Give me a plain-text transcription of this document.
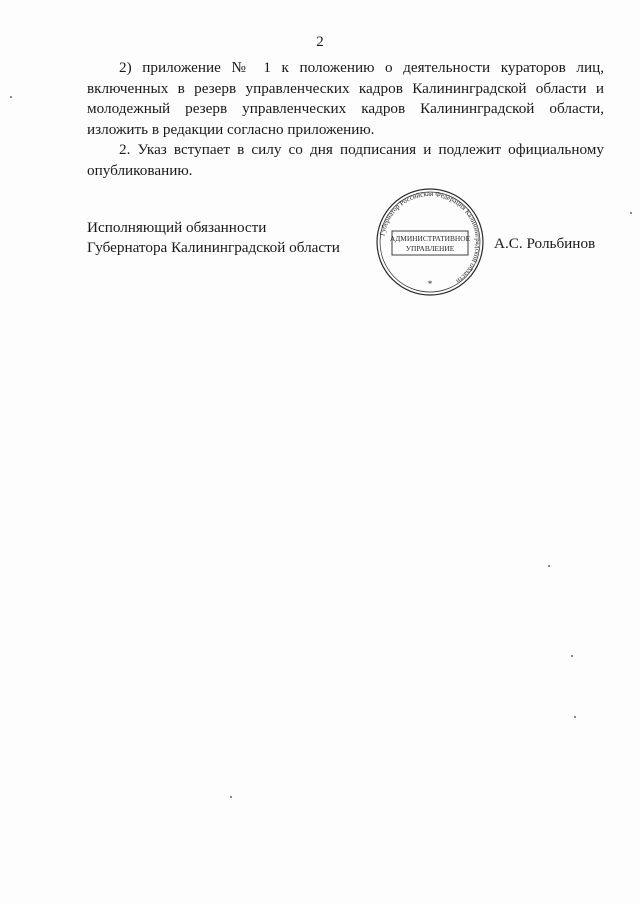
2

2) приложение № 1 к положению о деятельности кураторов лиц, включенных в резерв управленческих кадров Калининградской области и молодежный резерв управленческих кадров Калининградской области, изложить в редакции согласно приложению.

2. Указ вступает в силу со дня подписания и подлежит официальному опубликованию.

Исполняющий обязанности
Губернатора Калининградской области
Губернатор Российская Федерация Калининградской области
АДМИНИСТРАТИВНОЕ
УПРАВЛЕНИЕ
*
А.С. Рольбинов
